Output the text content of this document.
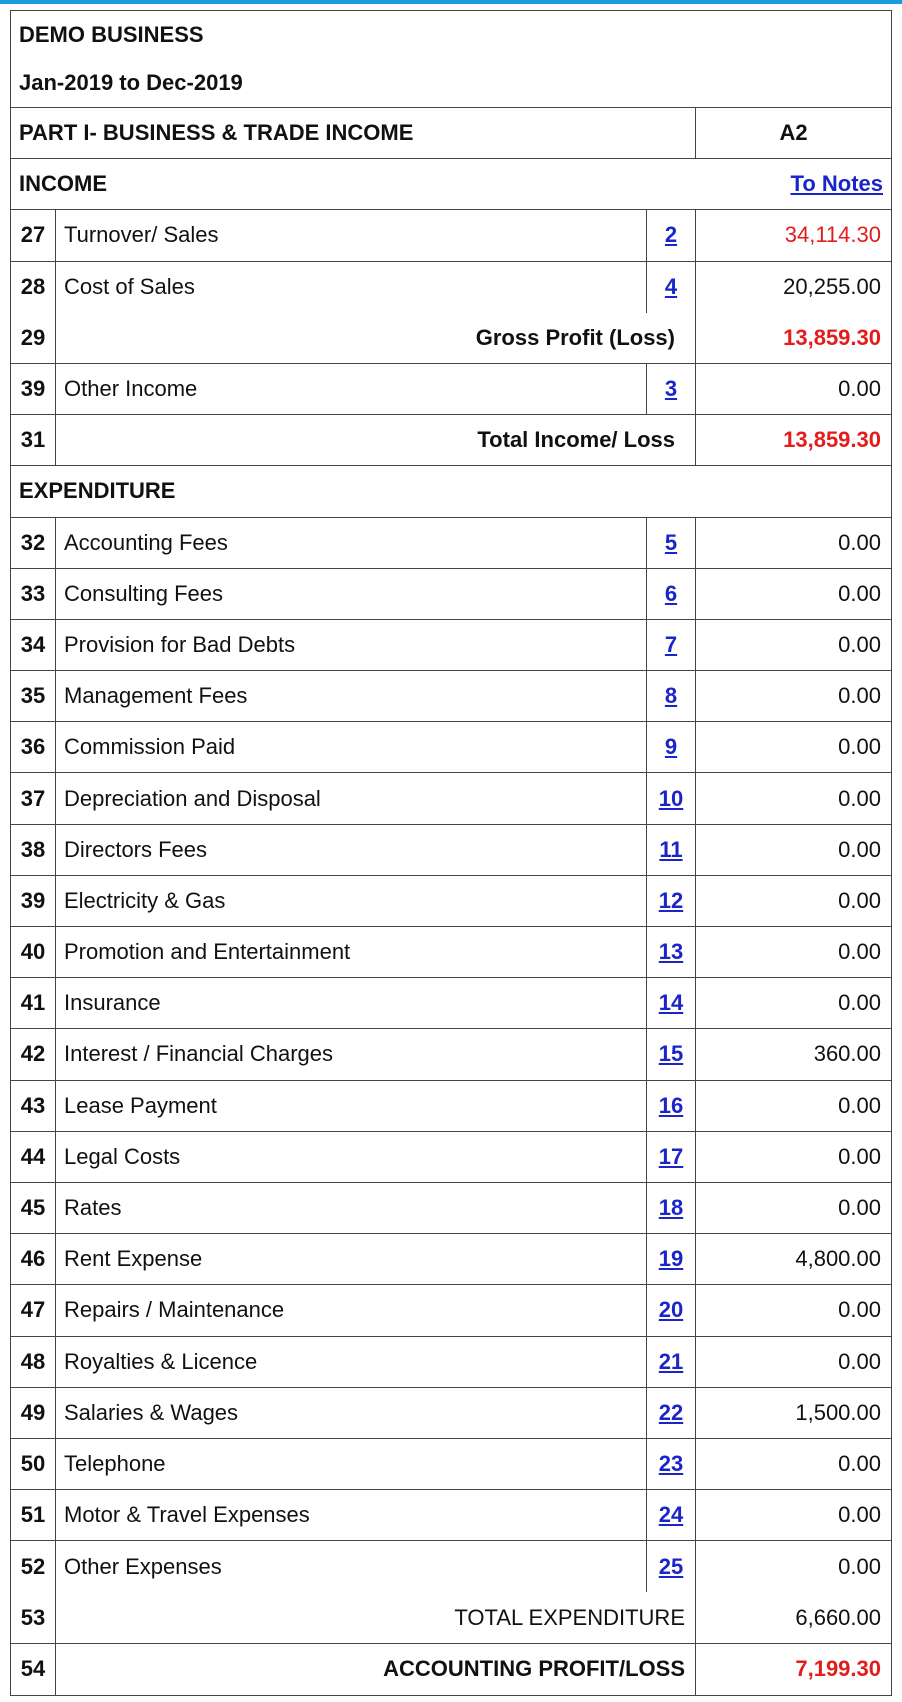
DEMO BUSINESS
Jan-2019 to Dec-2019
PART I- BUSINESS & TRADE INCOME	A2
INCOME	To Notes
27 Turnover/ Sales	2	34,114.30
28 Cost of Sales	4	20,255.00
29	Gross Profit (Loss)	13,859.30
39 Other Income	3	0.00
31	Total Income/ Loss	13,859.30
EXPENDITURE
32 Accounting Fees	5	0.00
33 Consulting Fees	6	0.00
34 Provision for Bad Debts	7	0.00
35 Management Fees	8	0.00
36 Commission Paid	9	0.00
37 Depreciation and Disposal	10	0.00
38 Directors Fees	11	0.00
39 Electricity & Gas	12	0.00
40 Promotion and Entertainment	13	0.00
41 Insurance	14	0.00
42 Interest / Financial Charges	15	360.00
43 Lease Payment	16	0.00
44 Legal Costs	17	0.00
45 Rates	18	0.00
46 Rent Expense	19	4,800.00
47 Repairs / Maintenance	20	0.00
48 Royalties & Licence	21	0.00
49 Salaries & Wages	22	1,500.00
50 Telephone	23	0.00
51 Motor & Travel Expenses	24	0.00
52 Other Expenses	25	0.00
53	TOTAL EXPENDITURE	6,660.00
54	ACCOUNTING PROFIT/LOSS	7,199.30
